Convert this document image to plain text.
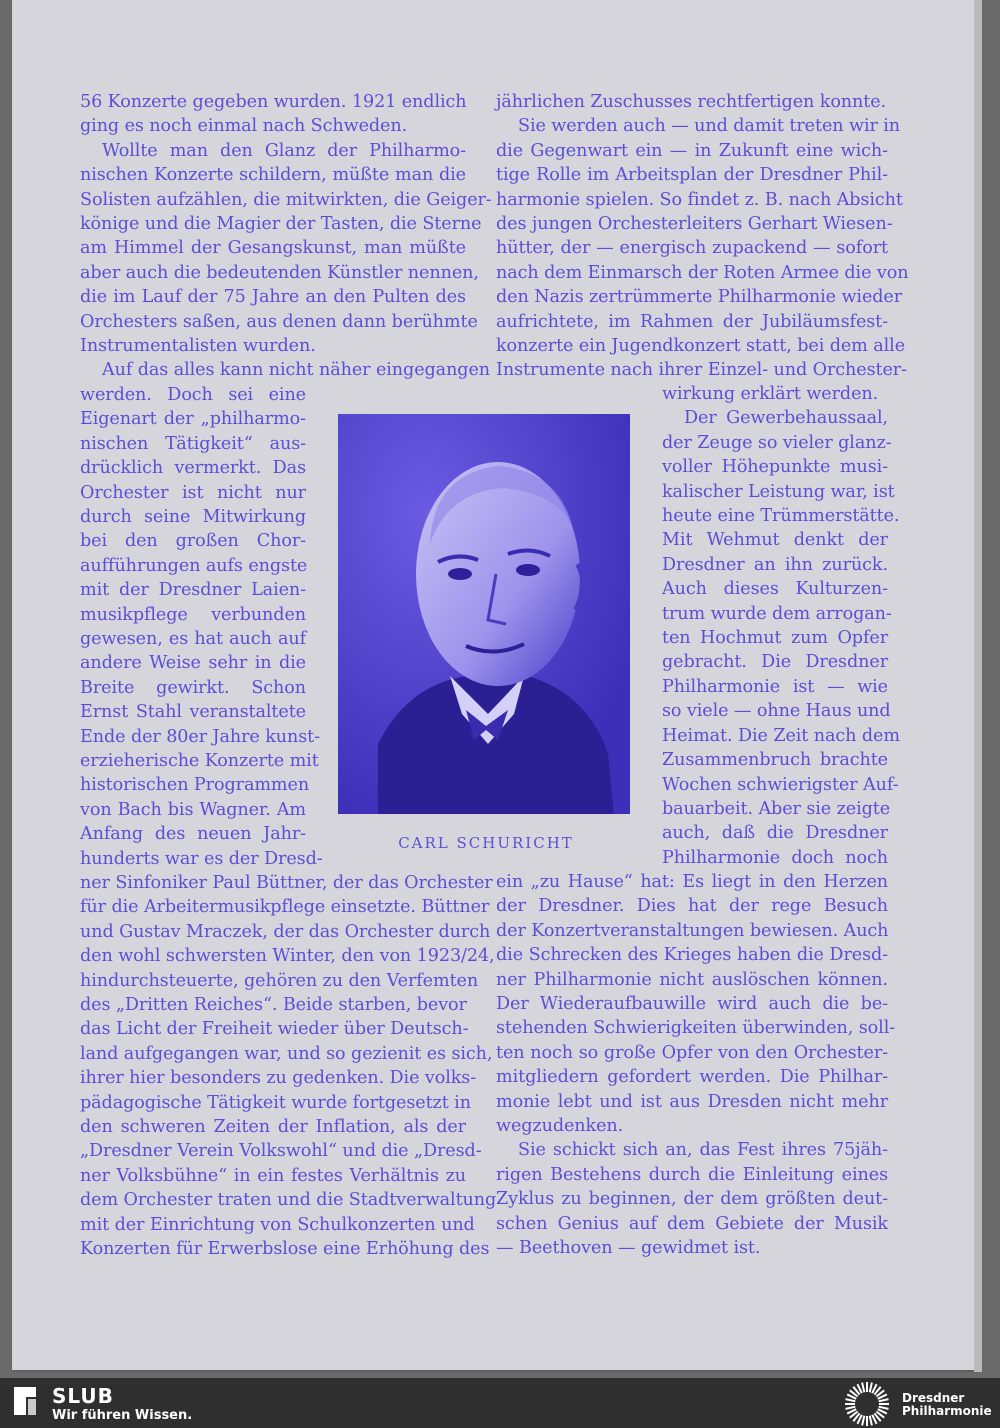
56 Konzerte gegeben wurden. 1921 endlich
ging es noch einmal nach Schweden.

Wollte man den Glanz der Philharmo-
nischen Konzerte schildern, müßte man die
Solisten aufzählen, die mitwirkten, die Geiger-
könige und die Magier der Tasten, die Sterne
am Himmel der Gesangskunst, man müßte
aber auch die bedeutenden Künstler nennen,
die im Lauf der 75 Jahre an den Pulten des
Orchesters saßen, aus denen dann berühmte
Instrumentalisten wurden.

Auf das alles kann nicht näher eingegangen

werden. Doch sei eine
Eigenart der „philharmo-
nischen Tätigkeit“ aus-
drücklich vermerkt. Das
Orchester ist nicht nur
durch seine Mitwirkung
bei den großen Chor-
aufführungen aufs engste
mit der Dresdner Laien-
musikpflege verbunden
gewesen, es hat auch auf
andere Weise sehr in die
Breite gewirkt. Schon
Ernst Stahl veranstaltete
Ende der 80er Jahre kunst-
erzieherische Konzerte mit
historischen Programmen
von Bach bis Wagner. Am
Anfang des neuen Jahr-
hunderts war es der Dresd-

ner Sinfoniker Paul Büttner, der das Orchester
für die Arbeitermusikpflege einsetzte. Büttner
und Gustav Mraczek, der das Orchester durch
den wohl schwersten Winter, den von 1923/24,
hindurchsteuerte, gehören zu den Verfemten
des „Dritten Reiches“. Beide starben, bevor
das Licht der Freiheit wieder über Deutsch-
land aufgegangen war, und so gezienit es sich,
ihrer hier besonders zu gedenken. Die volks-
pädagogische Tätigkeit wurde fortgesetzt in
den schweren Zeiten der Inflation, als der
„Dresdner Verein Volkswohl“ und die „Dresd-
ner Volksbühne“ in ein festes Verhältnis zu
dem Orchester traten und die Stadtverwaltung
mit der Einrichtung von Schulkonzerten und
Konzerten für Erwerbslose eine Erhöhung des

CARL SCHURICHT

jährlichen Zuschusses rechtfertigen konnte.

Sie werden auch — und damit treten wir in
die Gegenwart ein — in Zukunft eine wich-
tige Rolle im Arbeitsplan der Dresdner Phil-
harmonie spielen. So findet z. B. nach Absicht
des jungen Orchesterleiters Gerhart Wiesen-
hütter, der — energisch zupackend — sofort
nach dem Einmarsch der Roten Armee die von
den Nazis zertrümmerte Philharmonie wieder
aufrichtete, im Rahmen der Jubiläumsfest-
konzerte ein Jugendkonzert statt, bei dem alle
Instrumente nach ihrer Einzel- und Orchester-

wirkung erklärt werden.

Der Gewerbehaussaal,
der Zeuge so vieler glanz-
voller Höhepunkte musi-
kalischer Leistung war, ist
heute eine Trümmerstätte.
Mit Wehmut denkt der
Dresdner an ihn zurück.
Auch dieses Kulturzen-
trum wurde dem arrogan-
ten Hochmut zum Opfer
gebracht. Die Dresdner
Philharmonie ist — wie
so viele — ohne Haus und
Heimat. Die Zeit nach dem
Zusammenbruch brachte
Wochen schwierigster Auf-
bauarbeit. Aber sie zeigte
auch, daß die Dresdner
Philharmonie doch noch

ein „zu Hause“ hat: Es liegt in den Herzen
der Dresdner. Dies hat der rege Besuch
der Konzertveranstaltungen bewiesen. Auch
die Schrecken des Krieges haben die Dresd-
ner Philharmonie nicht auslöschen können.
Der Wiederaufbauwille wird auch die be-
stehenden Schwierigkeiten überwinden, soll-
ten noch so große Opfer von den Orchester-
mitgliedern gefordert werden. Die Philhar-
monie lebt und ist aus Dresden nicht mehr
wegzudenken.

Sie schickt sich an, das Fest ihres 75jäh-
rigen Bestehens durch die Einleitung eines
Zyklus zu beginnen, der dem größten deut-
schen Genius auf dem Gebiete der Musik
— Beethoven — gewidmet ist.

SLUB
Wir führen Wissen.
Dresdner
Philharmonie
